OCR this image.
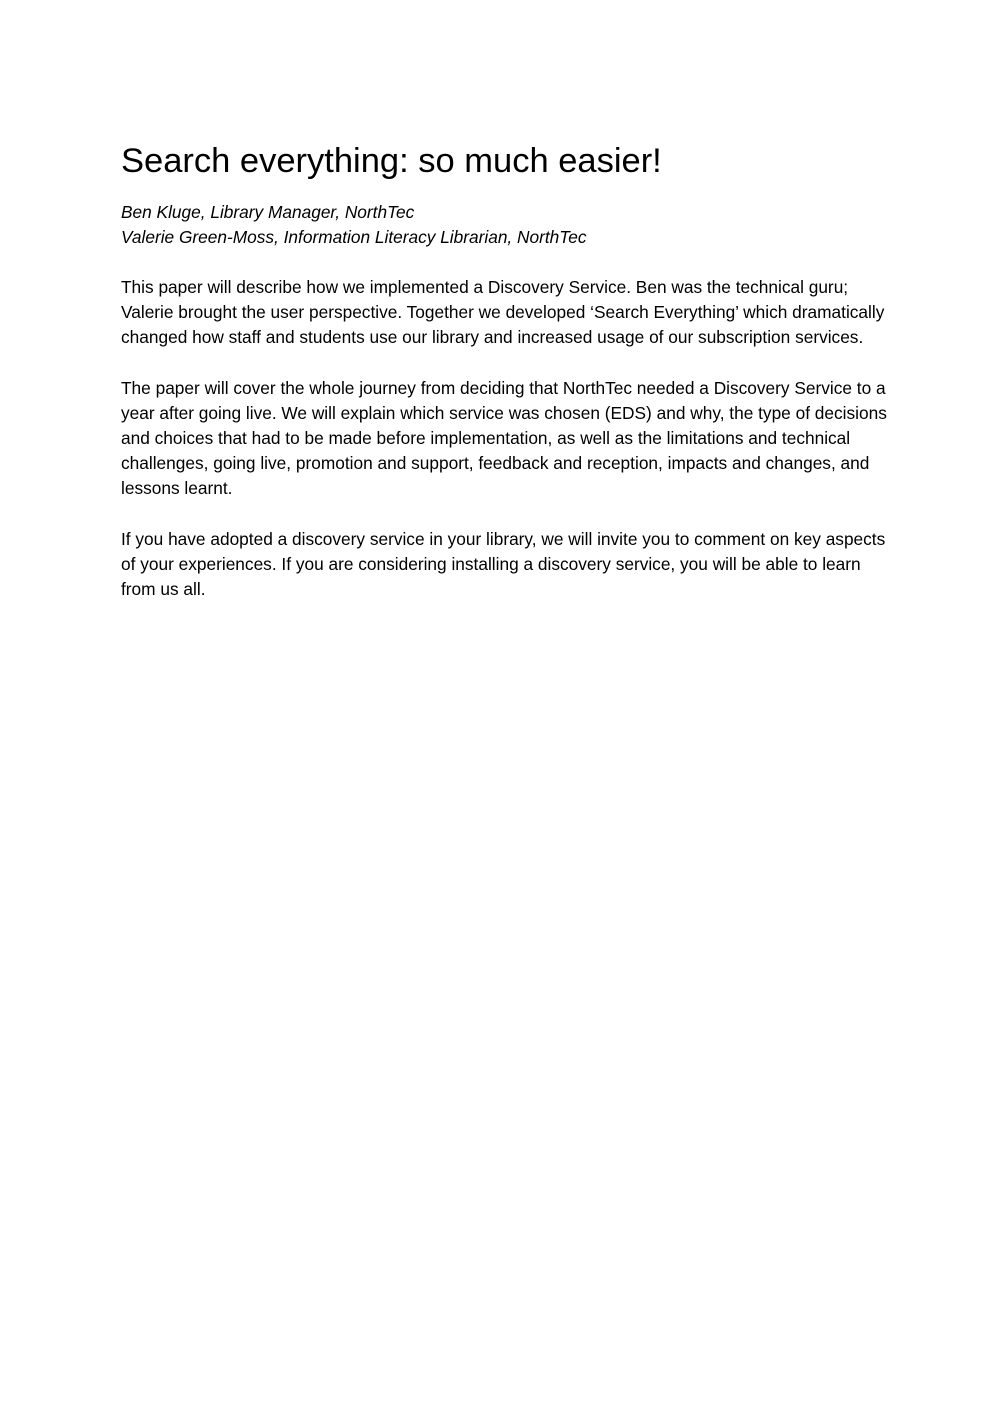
Search everything: so much easier!
Ben Kluge, Library Manager, NorthTec
Valerie Green-Moss, Information Literacy Librarian, NorthTec

This paper will describe how we implemented a Discovery Service. Ben was the technical guru; Valerie brought the user perspective. Together we developed ‘Search Everything’ which dramatically changed how staff and students use our library and increased usage of our subscription services.

The paper will cover the whole journey from deciding that NorthTec needed a Discovery Service to a year after going live. We will explain which service was chosen (EDS) and why, the type of decisions and choices that had to be made before implementation, as well as the limitations and technical challenges, going live, promotion and support, feedback and reception, impacts and changes, and lessons learnt.

If you have adopted a discovery service in your library, we will invite you to comment on key aspects of your experiences. If you are considering installing a discovery service, you will be able to learn from us all.
